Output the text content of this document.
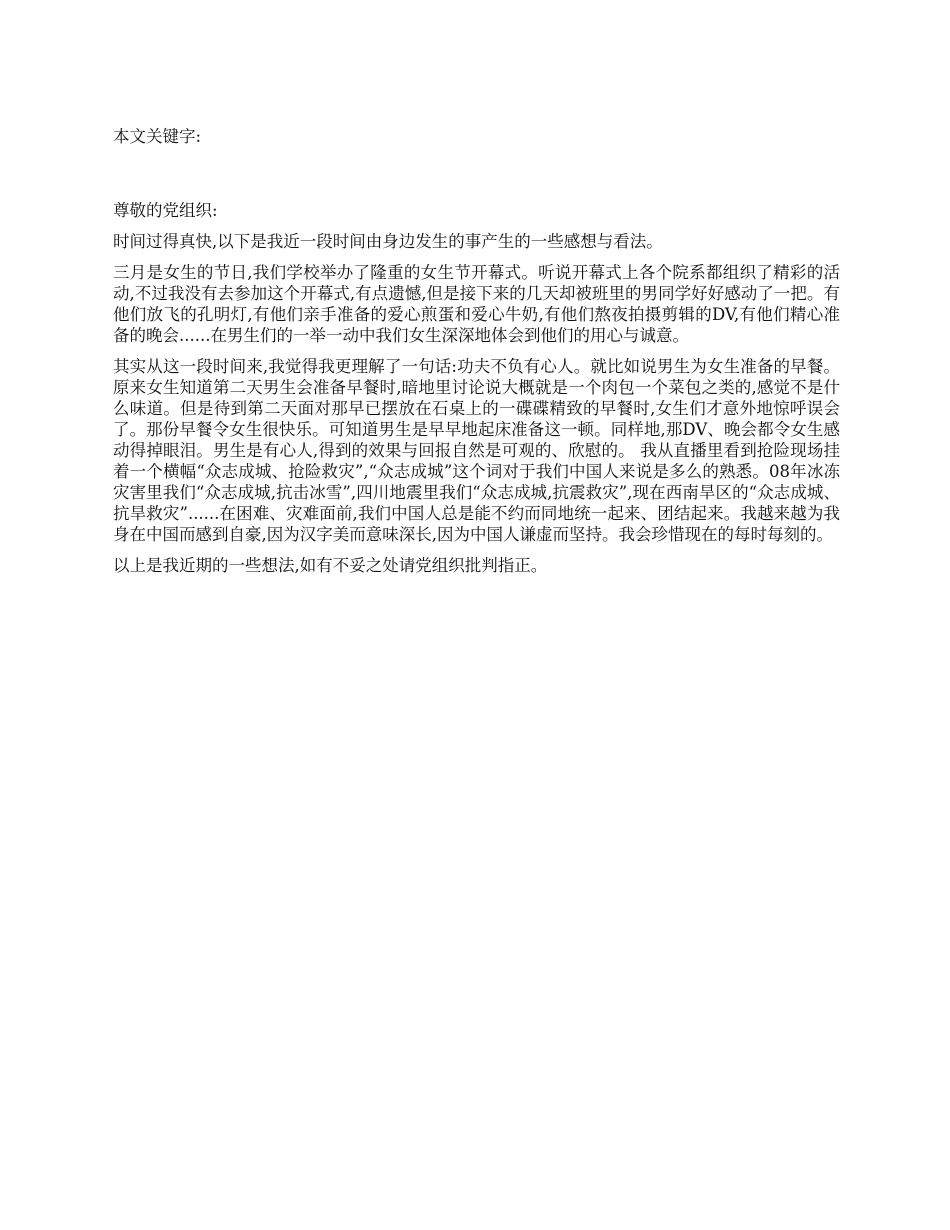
本文关键字:

尊敬的党组织:

时间过得真快,以下是我近一段时间由身边发生的事产生的一些感想与看法。

三月是女生的节日,我们学校举办了隆重的女生节开幕式。听说开幕式上各个院系都组织了精彩的活动,不过我没有去参加这个开幕式,有点遗憾,但是接下来的几天却被班里的男同学好好感动了一把。有他们放飞的孔明灯,有他们亲手准备的爱心煎蛋和爱心牛奶,有他们熬夜拍摄剪辑的DV,有他们精心准备的晚会......在男生们的一举一动中我们女生深深地体会到他们的用心与诚意。

其实从这一段时间来,我觉得我更理解了一句话:功夫不负有心人。就比如说男生为女生准备的早餐。原来女生知道第二天男生会准备早餐时,暗地里讨论说大概就是一个肉包一个菜包之类的,感觉不是什么味道。但是待到第二天面对那早已摆放在石桌上的一碟碟精致的早餐时,女生们才意外地惊呼误会了。那份早餐令女生很快乐。可知道男生是早早地起床准备这一顿。同样地,那DV、晚会都令女生感动得掉眼泪。男生是有心人,得到的效果与回报自然是可观的、欣慰的。 我从直播里看到抢险现场挂着一个横幅“众志成城、抢险救灾”,“众志成城”这个词对于我们中国人来说是多么的熟悉。08年冰冻灾害里我们“众志成城,抗击冰雪”,四川地震里我们“众志成城,抗震救灾”,现在西南旱区的“众志成城、抗旱救灾”......在困难、灾难面前,我们中国人总是能不约而同地统一起来、团结起来。我越来越为我身在中国而感到自豪,因为汉字美而意味深长,因为中国人谦虚而坚持。我会珍惜现在的每时每刻的。

以上是我近期的一些想法,如有不妥之处请党组织批判指正。
